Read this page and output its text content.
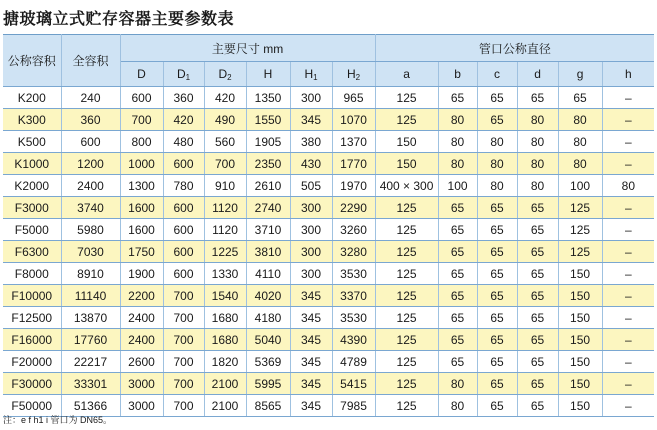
搪玻璃立式贮存容器主要参数表
公称容积	全容积	主要尺寸 mm						管口公称直径					
		D	$D_1$	$D_2$	H	$H_1$	$H_2$	a	b	c	d	g	h
K200	240	600	360	420	1350	300	965	125	65	65	65	65	–
K300	360	700	420	490	1550	345	1070	125	80	65	80	80	–
K500	600	800	480	560	1905	380	1370	150	80	80	80	80	–
K1000	1200	1000	600	700	2350	430	1770	150	80	80	80	80	–
K2000	2400	1300	780	910	2610	505	1970	400 × 300	100	80	80	100	80
F3000	3740	1600	600	1120	2740	300	2290	125	65	65	65	125	–
F5000	5980	1600	600	1120	3710	300	3260	125	65	65	65	125	–
F6300	7030	1750	600	1225	3810	300	3280	125	65	65	65	125	–
F8000	8910	1900	600	1330	4110	300	3530	125	65	65	65	150	–
F10000	11140	2200	700	1540	4020	345	3370	125	65	65	65	150	–
F12500	13870	2400	700	1680	4180	345	3530	125	65	65	65	150	–
F16000	17760	2400	700	1680	5040	345	4390	125	65	65	65	150	–
F20000	22217	2600	700	1820	5369	345	4789	125	65	65	65	150	–
F30000	33301	3000	700	2100	5995	345	5415	125	80	65	65	150	–
F50000	51366	3000	700	2100	8565	345	7985	125	80	65	65	150	–
注：e f h1 i 管口为 DN65。
